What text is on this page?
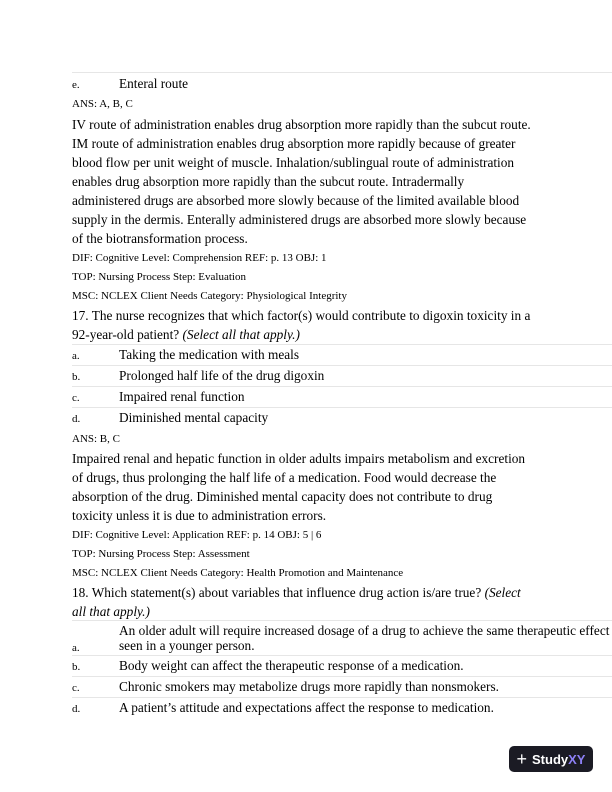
e.	Enteral route
ANS: A, B, C
IV route of administration enables drug absorption more rapidly than the subcut route.
IM route of administration enables drug absorption more rapidly because of greater
blood flow per unit weight of muscle. Inhalation/sublingual route of administration
enables drug absorption more rapidly than the subcut route. Intradermally
administered drugs are absorbed more slowly because of the limited available blood
supply in the dermis. Enterally administered drugs are absorbed more slowly because
of the biotransformation process.
DIF: Cognitive Level: Comprehension REF: p. 13 OBJ: 1
TOP: Nursing Process Step: Evaluation
MSC: NCLEX Client Needs Category: Physiological Integrity
17. The nurse recognizes that which factor(s) would contribute to digoxin toxicity in a
92-year-old patient? (Select all that apply.)
a.	Taking the medication with meals
b.	Prolonged half life of the drug digoxin
c.	Impaired renal function
d.	Diminished mental capacity
ANS: B, C
Impaired renal and hepatic function in older adults impairs metabolism and excretion
of drugs, thus prolonging the half life of a medication. Food would decrease the
absorption of the drug. Diminished mental capacity does not contribute to drug
toxicity unless it is due to administration errors.
DIF: Cognitive Level: Application REF: p. 14 OBJ: 5 | 6
TOP: Nursing Process Step: Assessment
MSC: NCLEX Client Needs Category: Health Promotion and Maintenance
18. Which statement(s) about variables that influence drug action is/are true? (Select
all that apply.)
a.
An older adult will require increased dosage of a drug to achieve the same therapeutic effect
seen in a younger person.
b.	Body weight can affect the therapeutic response of a medication.
c.	Chronic smokers may metabolize drugs more rapidly than nonsmokers.
d.	A patient’s attitude and expectations affect the response to medication.
+ Study XY
